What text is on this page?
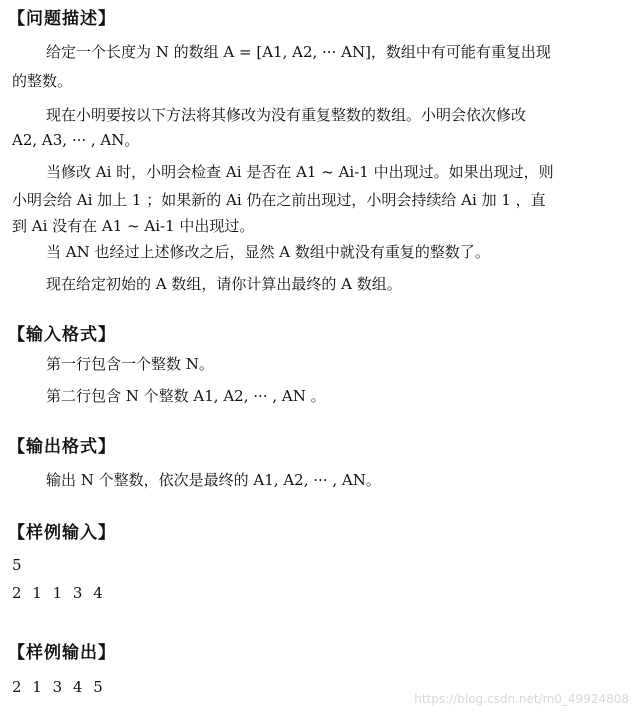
【问题描述】

给定一个长度为 N 的数组 A = [A1, A2, ··· AN]，数组中有可能有重复出现

的整数。

现在小明要按以下方法将其修改为没有重复整数的数组。小明会依次修改

A2, A3, ··· , AN。

当修改 Ai 时，小明会检查 Ai 是否在 A1 ~ Ai-1 中出现过。如果出现过，则

小明会给 Ai 加上 1 ；如果新的 Ai 仍在之前出现过，小明会持续给 Ai 加 1 ，直

到 Ai 没有在 A1 ~ Ai-1 中出现过。

当 AN 也经过上述修改之后，显然 A 数组中就没有重复的整数了。

现在给定初始的 A 数组，请你计算出最终的 A 数组。

【输入格式】

第一行包含一个整数 N。

第二行包含 N 个整数 A1, A2, ··· , AN 。

【输出格式】

输出 N 个整数，依次是最终的 A1, A2, ··· , AN。

【样例输入】
5
2 1 1 3 4
【样例输出】
2 1 3 4 5
https://blog.csdn.net/m0_49924808
